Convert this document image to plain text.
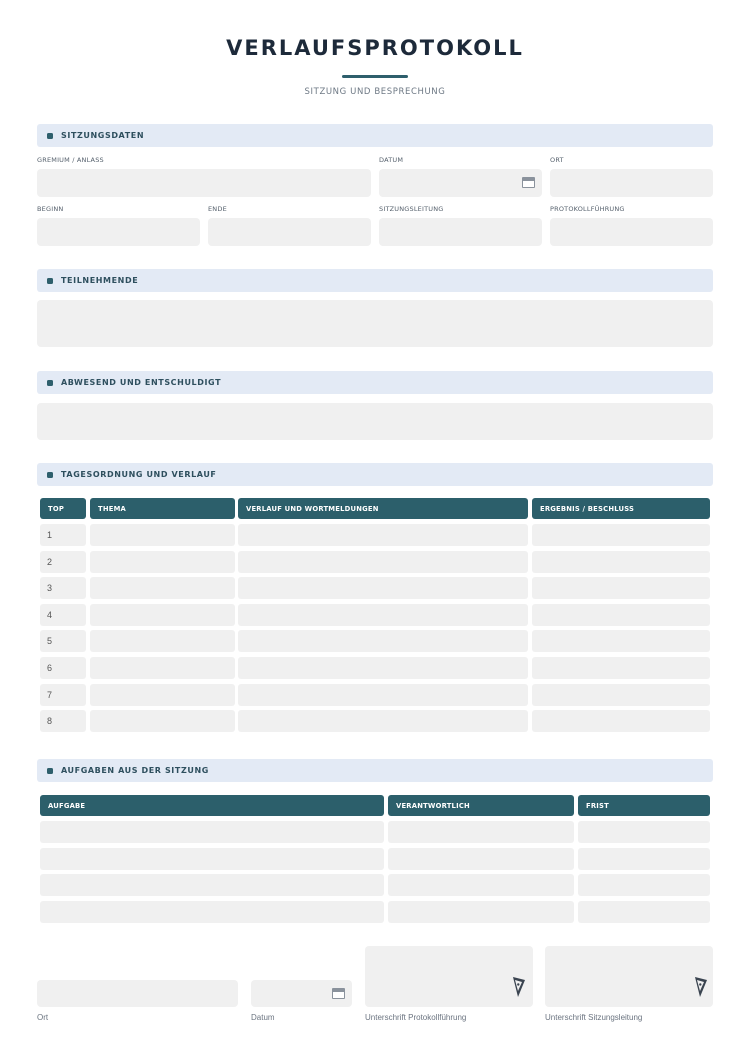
VERLAUFSPROTOKOLL
SITZUNG UND BESPRECHUNG
SITZUNGSDATEN
GREMIUM / ANLASS	DATUM	ORT
BEGINN	ENDE	SITZUNGSLEITUNG	PROTOKOLLFÜHRUNG
TEILNEHMENDE
ABWESEND UND ENTSCHULDIGT
TAGESORDNUNG UND VERLAUF
TOP	THEMA	VERLAUF UND WORTMELDUNGEN	ERGEBNIS / BESCHLUSS
1
2
3
4
5
6
7
8
AUFGABEN AUS DER SITZUNG
AUFGABE	VERANTWORTLICH	FRIST
Ort	Datum	Unterschrift Protokollführung	Unterschrift Sitzungsleitung
